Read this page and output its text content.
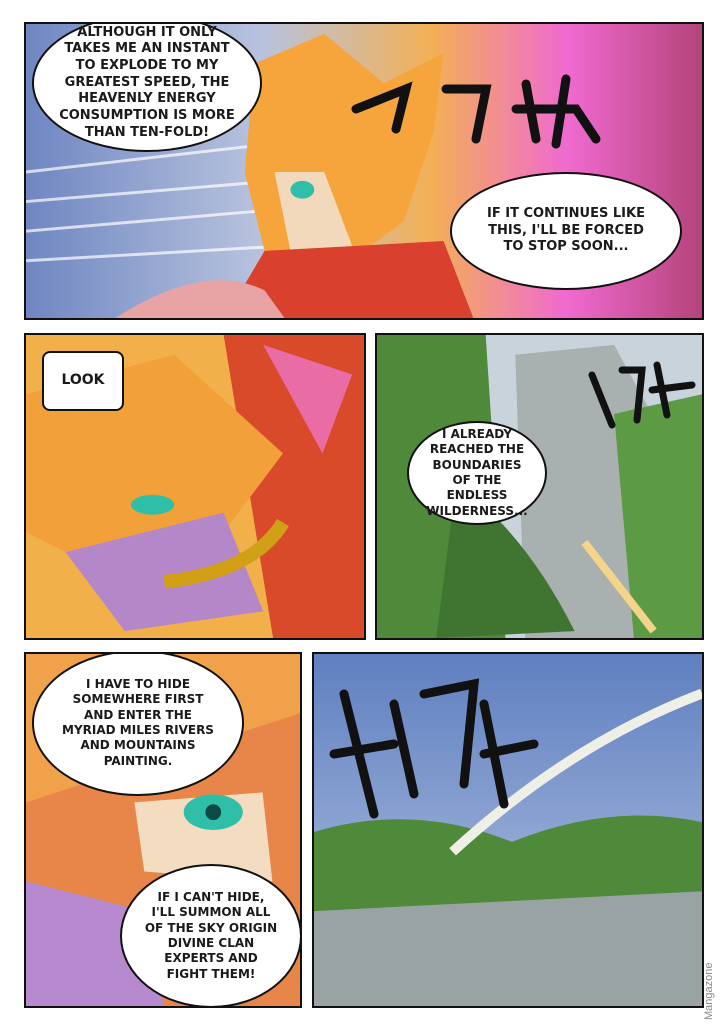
ALTHOUGH IT ONLY TAKES ME AN INSTANT TO EXPLODE TO MY GREATEST SPEED, THE HEAVENLY ENERGY CONSUMPTION IS MORE THAN TEN-FOLD!
IF IT CONTINUES LIKE THIS, I'LL BE FORCED TO STOP SOON...
LOOK
I ALREADY REACHED THE BOUNDARIES OF THE ENDLESS WILDERNESS...
I HAVE TO HIDE SOMEWHERE FIRST AND ENTER THE MYRIAD MILES RIVERS AND MOUNTAINS PAINTING.
IF I CAN'T HIDE, I'LL SUMMON ALL OF THE SKY ORIGIN DIVINE CLAN EXPERTS AND FIGHT THEM!	Mangazone
